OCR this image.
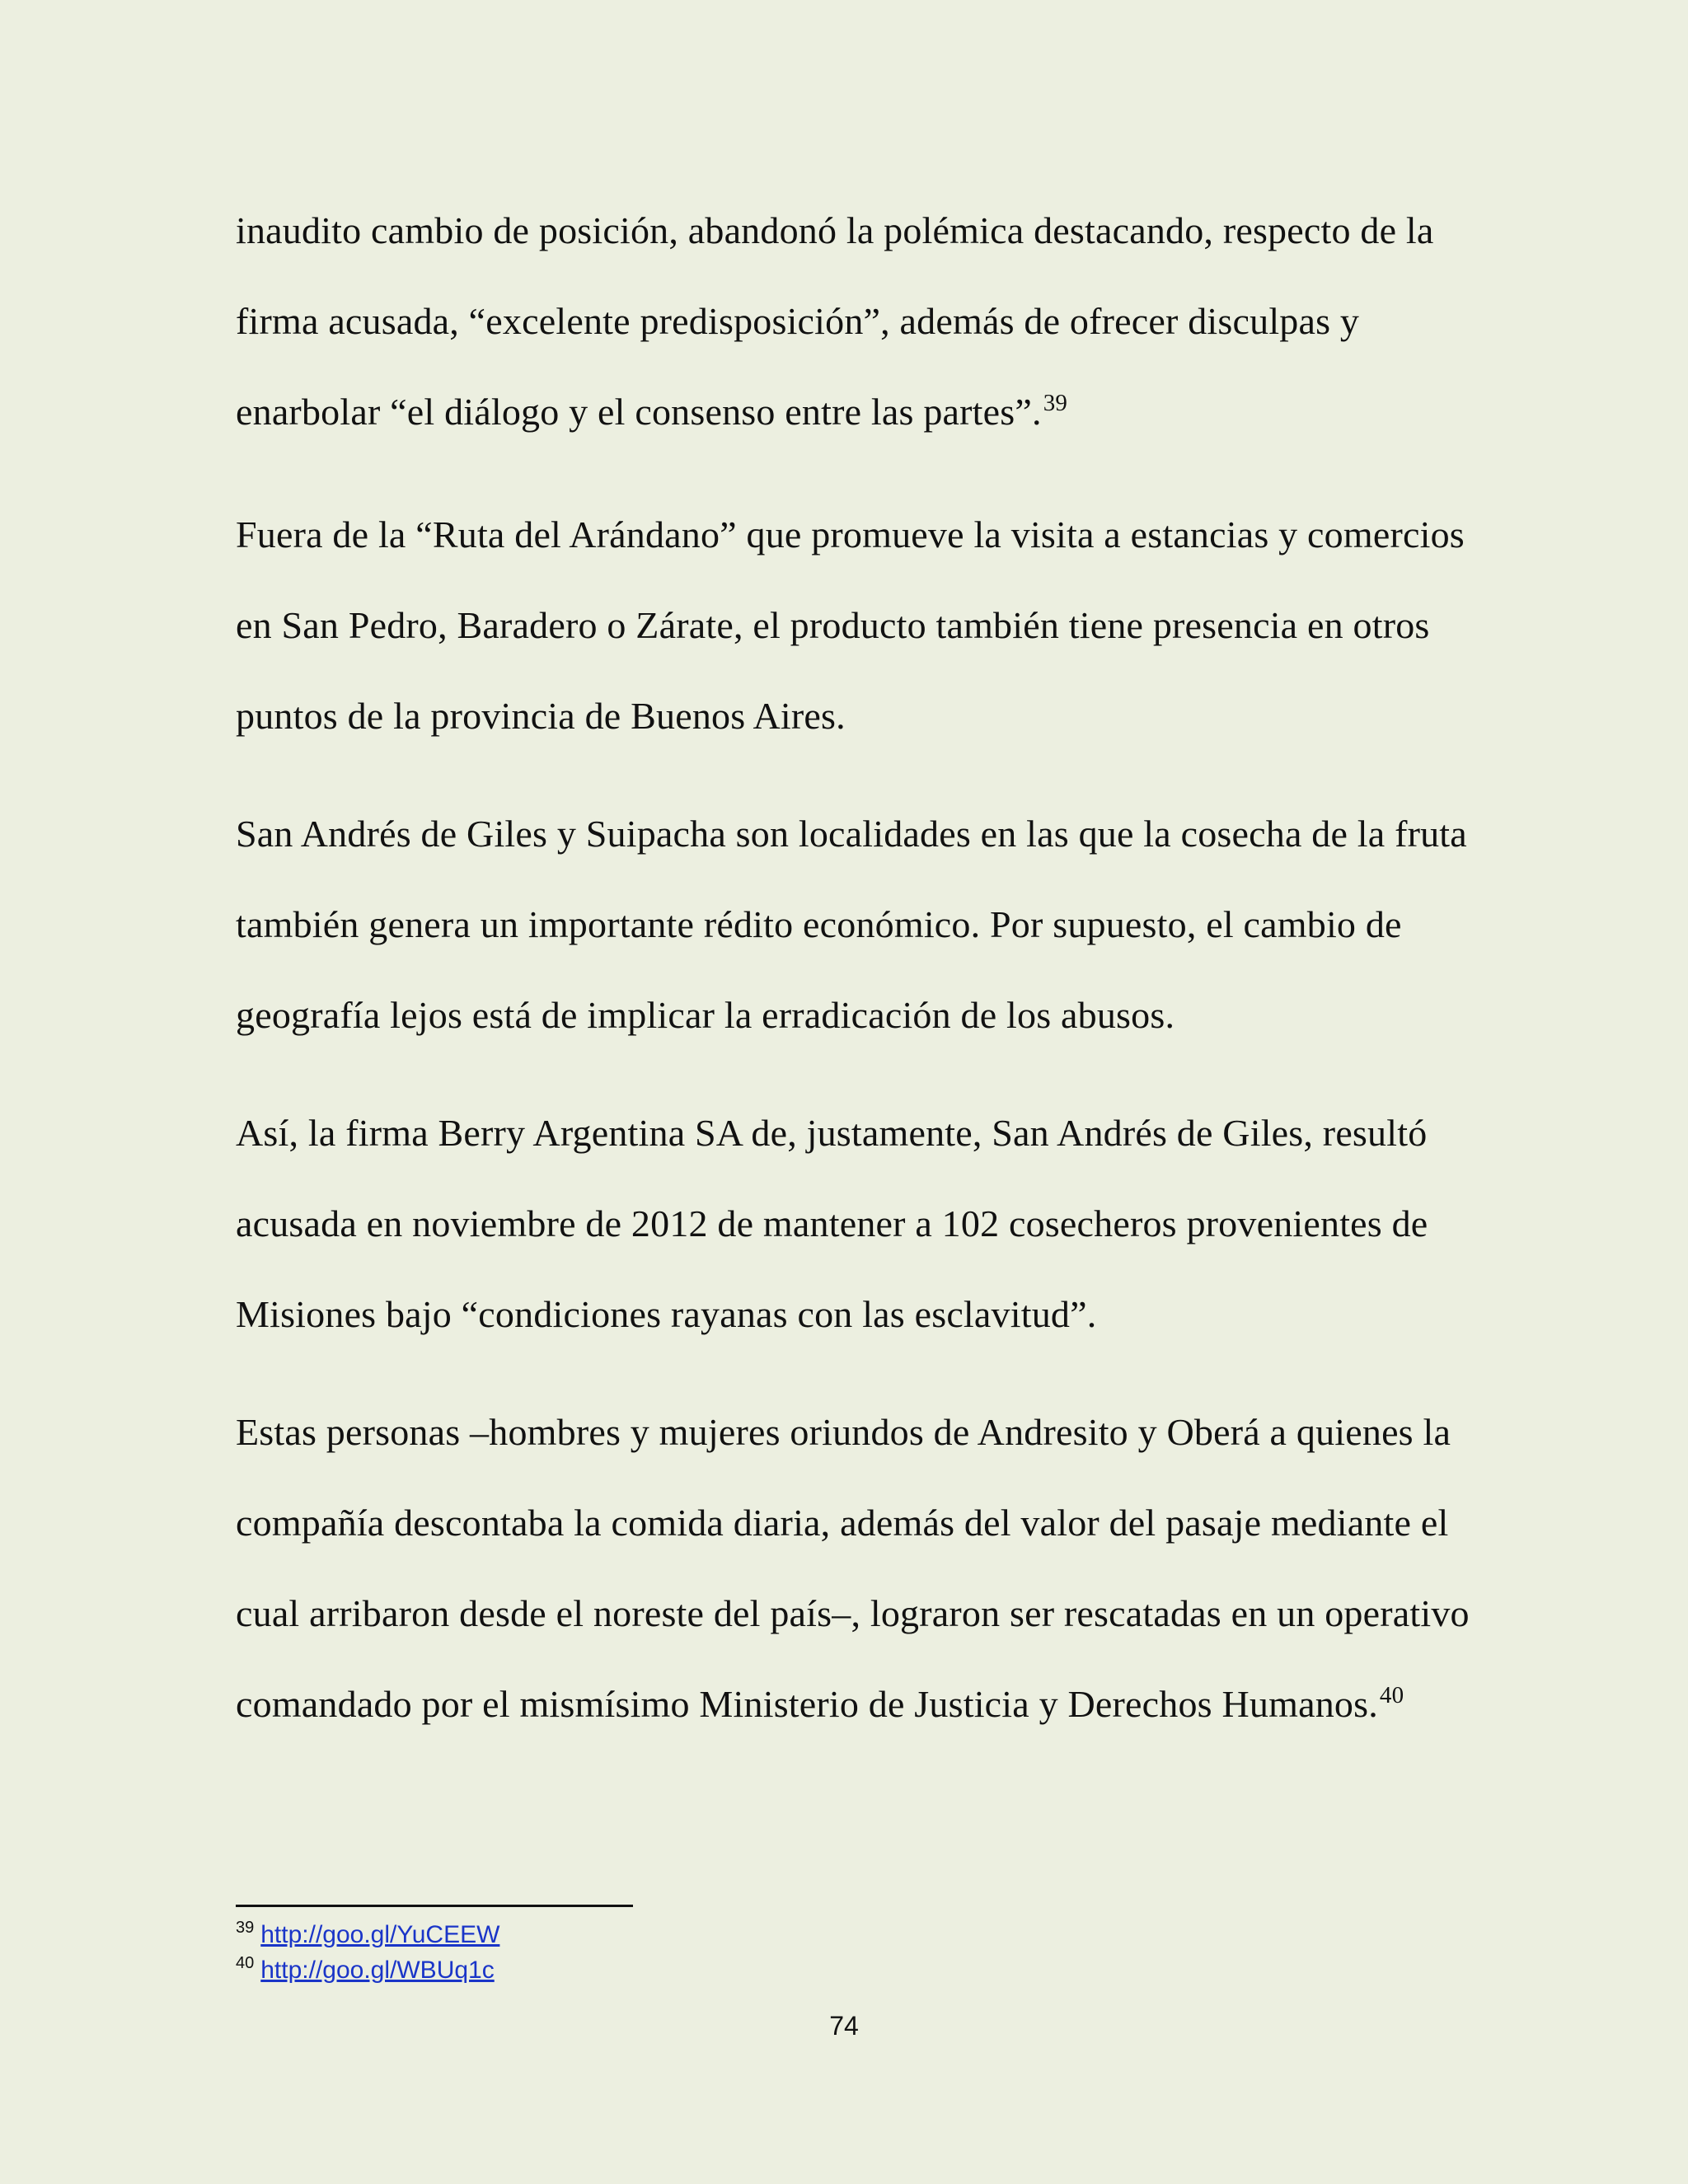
inaudito cambio de posición, abandonó la polémica destacando, respecto de la firma acusada, “excelente predisposición”, además de ofrecer disculpas y enarbolar “el diálogo y el consenso entre las partes”.$^{39}$

Fuera de la “Ruta del Arándano” que promueve la visita a estancias y comercios en San Pedro, Baradero o Zárate, el producto también tiene presencia en otros puntos de la provincia de Buenos Aires.

San Andrés de Giles y Suipacha son localidades en las que la cosecha de la fruta también genera un importante rédito económico. Por supuesto, el cambio de geografía lejos está de implicar la erradicación de los abusos.

Así, la firma Berry Argentina SA de, justamente, San Andrés de Giles, resultó acusada en noviembre de 2012 de mantener a 102 cosecheros provenientes de Misiones bajo “condiciones rayanas con las esclavitud”.

Estas personas –hombres y mujeres oriundos de Andresito y Oberá a quienes la compañía descontaba la comida diaria, además del valor del pasaje mediante el cual arribaron desde el noreste del país–, lograron ser rescatadas en un operativo comandado por el mismísimo Ministerio de Justicia y Derechos Humanos.$^{40}$

$^{39}$ http://goo.gl/YuCEEW
$^{40}$ http://goo.gl/WBUq1c
74
